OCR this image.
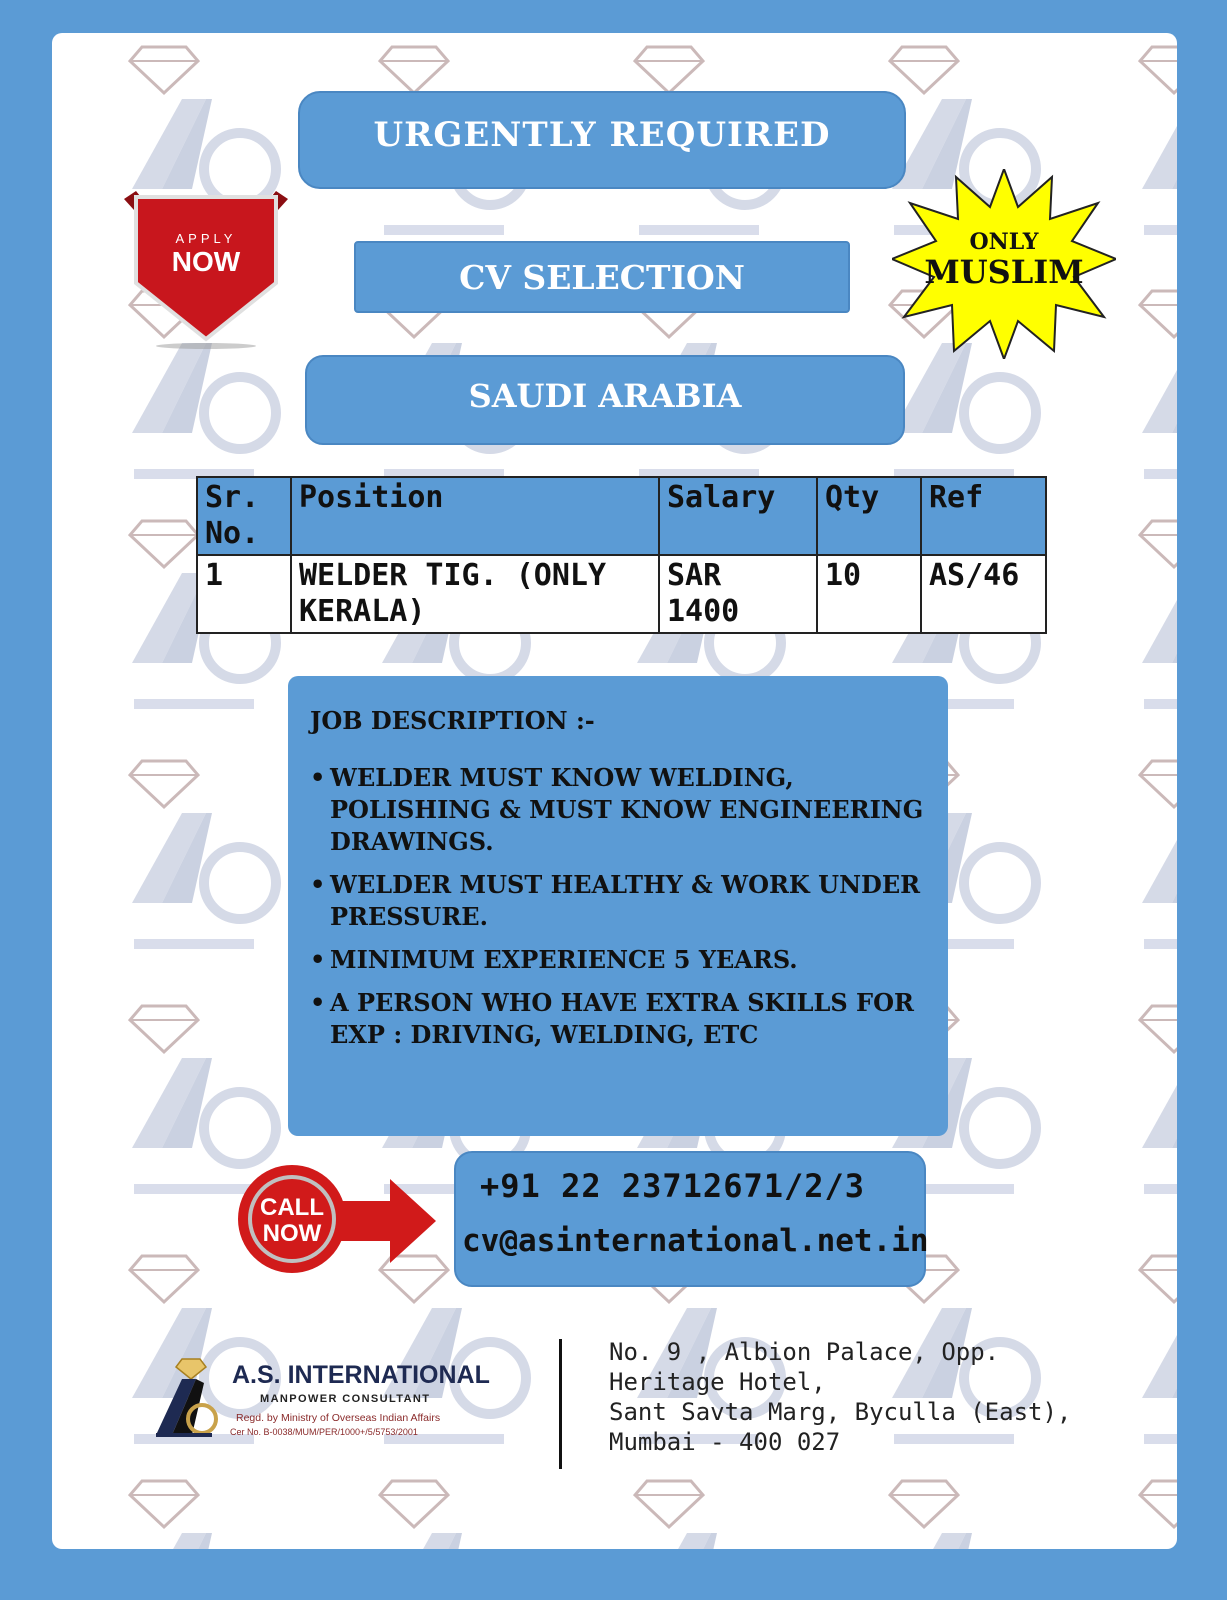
URGENTLY REQUIRED
CV SELECTION
SAUDI ARABIA
APPLY
NOW
ONLY
MUSLIM
Sr. No.	Position	Salary	Qty	Ref
1	WELDER TIG. (ONLY KERALA)	SAR 1400	10	AS/46
JOB DESCRIPTION :-
• WELDER MUST KNOW WELDING, POLISHING & MUST KNOW ENGINEERING DRAWINGS.
• WELDER MUST HEALTHY & WORK UNDER PRESSURE.
• MINIMUM EXPERIENCE 5 YEARS.
• A PERSON WHO HAVE EXTRA SKILLS FOR EXP : DRIVING, WELDING, ETC
CALL
NOW
+91 22 23712671/2/3
cv@asinternational.net.in
A.S. INTERNATIONAL
MANPOWER CONSULTANT
Regd. by Ministry of Overseas Indian Affairs
Cer No. B-0038/MUM/PER/1000+/5/5753/2001
No. 9 , Albion Palace, Opp.
Heritage Hotel,
Sant Savta Marg, Byculla (East),
Mumbai - 400 027
